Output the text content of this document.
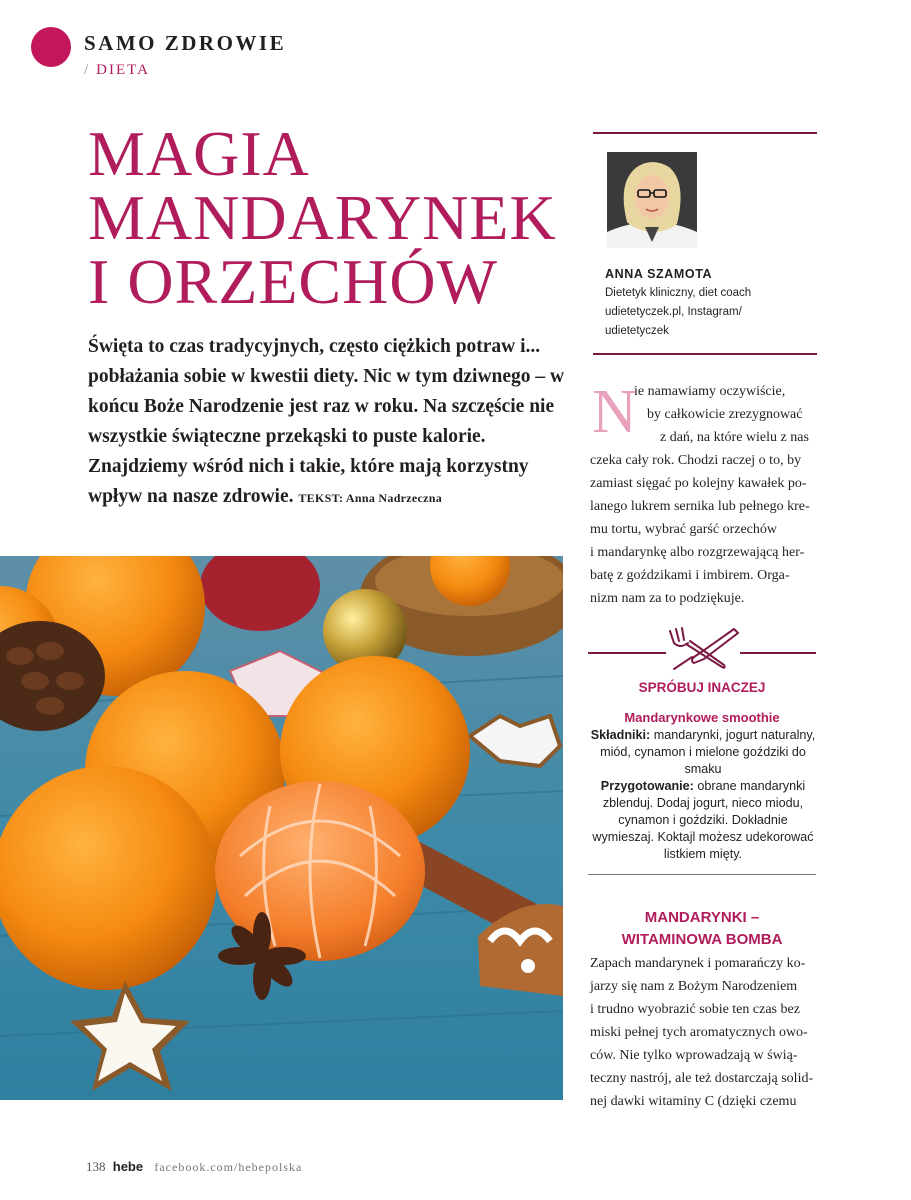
SAMO ZDROWIE
/ DIETA
MAGIA
MANDARYNEK
I ORZECHÓW

Święta to czas tradycyjnych, często ciężkich potraw i... pobłażania sobie w kwestii diety. Nic w tym dziwnego – w końcu Boże Narodzenie jest raz w roku. Na szczęście nie wszystkie świąteczne przekąski to puste kalorie. Znajdziemy wśród nich i takie, które mają korzystny wpływ na nasze zdrowie. TEKST: Anna Nadrzeczna

ANNA SZAMOTA
Dietetyk kliniczny, diet coach
udietetyczek.pl, Instagram/
udietetyczek
N
ie namawiamy oczywiście,
by całkowicie zrezygnować
z dań, na które wielu z nas
czeka cały rok. Chodzi raczej o to, by
zamiast sięgać po kolejny kawałek po-
lanego lukrem sernika lub pełnego kre-
mu tortu, wybrać garść orzechów
i mandarynkę albo rozgrzewającą her-
batę z goździkami i imbirem. Orga-
nizm nam za to podziękuje.
SPRÓBUJ INACZEJ
Mandarynkowe smoothie
Składniki: mandarynki, jogurt naturalny, miód, cynamon i mielone goździki do smaku
Przygotowanie: obrane mandarynki zblenduj. Dodaj jogurt, nieco miodu, cynamon i goździki. Dokładnie wymieszaj. Koktajl możesz udekorować listkiem mięty.
MANDARYNKI –
WITAMINOWA BOMBA
Zapach mandarynek i pomarańczy ko-
jarzy się nam z Bożym Narodzeniem
i trudno wyobrazić sobie ten czas bez
miski pełnej tych aromatycznych owo-
ców. Nie tylko wprowadzają w świą-
teczny nastrój, ale też dostarczają solid-
nej dawki witaminy C (dzięki czemu
138 hebe facebook.com/hebepolska
